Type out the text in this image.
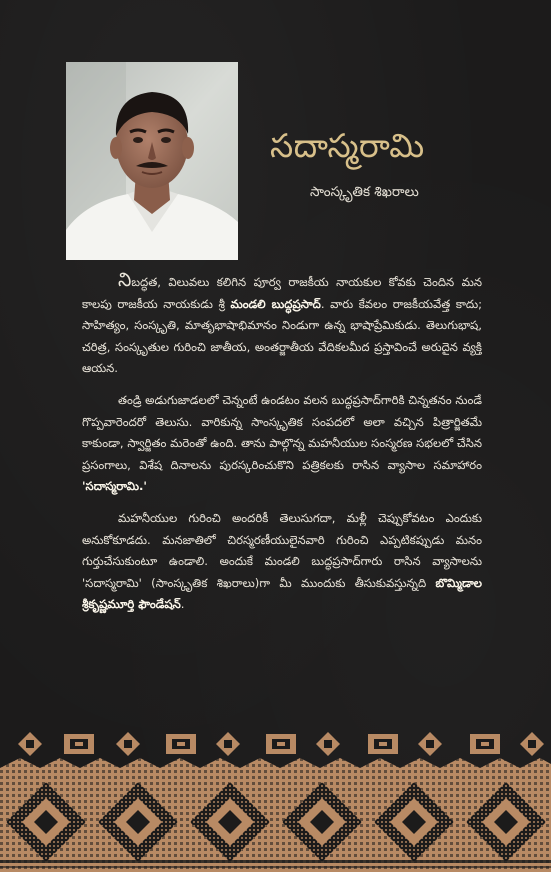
సదాస్మరామి
సాంస్కృతిక శిఖరాలు

నిబద్ధత, విలువలు కలిగిన పూర్వ రాజకీయ నాయకుల కోవకు చెందిన మన కాలపు రాజకీయ నాయకుడు శ్రీ మండలి బుద్ధప్రసాద్. వారు కేవలం రాజకీయవేత్త కాదు; సాహిత్యం, సంస్కృతి, మాతృభాషాభిమానం నిండుగా ఉన్న భాషాప్రేమికుడు. తెలుగుభాష, చరిత్ర, సంస్కృతుల గురించి జాతీయ, అంతర్జాతీయ వేదికలమీద ప్రస్తావించే అరుదైన వ్యక్తి ఆయన.

తండ్రి అడుగుజాడలలో చెన్నంటే ఉండటం వలన బుద్ధప్రసాద్‌గారికి చిన్నతనం నుండే గొప్పవారెందరో తెలుసు. వారికున్న సాంస్కృతిక సంపదలో అలా వచ్చిన పిత్రార్జితమే కాకుండా, స్వార్జితం మరెంతో ఉంది. తాను పాల్గొన్న మహనీయుల సంస్మరణ సభలలో చేసిన ప్రసంగాలు, విశేష దినాలను పురస్కరించుకొని పత్రికలకు రాసిన వ్యాసాల సమాహారం 'సదాస్మరామి.'

మహనీయుల గురించి అందరికీ తెలుసుగదా, మళ్లీ చెప్పుకోవటం ఎందుకు అనుకోకూడదు. మనజాతిలో చిరస్మరణీయులైనవారి గురించి ఎప్పటికప్పుడు మనం గుర్తుచేసుకుంటూ ఉండాలి. అందుకే మండలి బుద్ధప్రసాద్‌గారు రాసిన వ్యాసాలను 'సదాస్మరామి' (సాంస్కృతిక శిఖరాలు)గా మీ ముందుకు తీసుకువస్తున్నది బొమ్మిడాల శ్రీకృష్ణమూర్తి ఫౌండేషన్.
